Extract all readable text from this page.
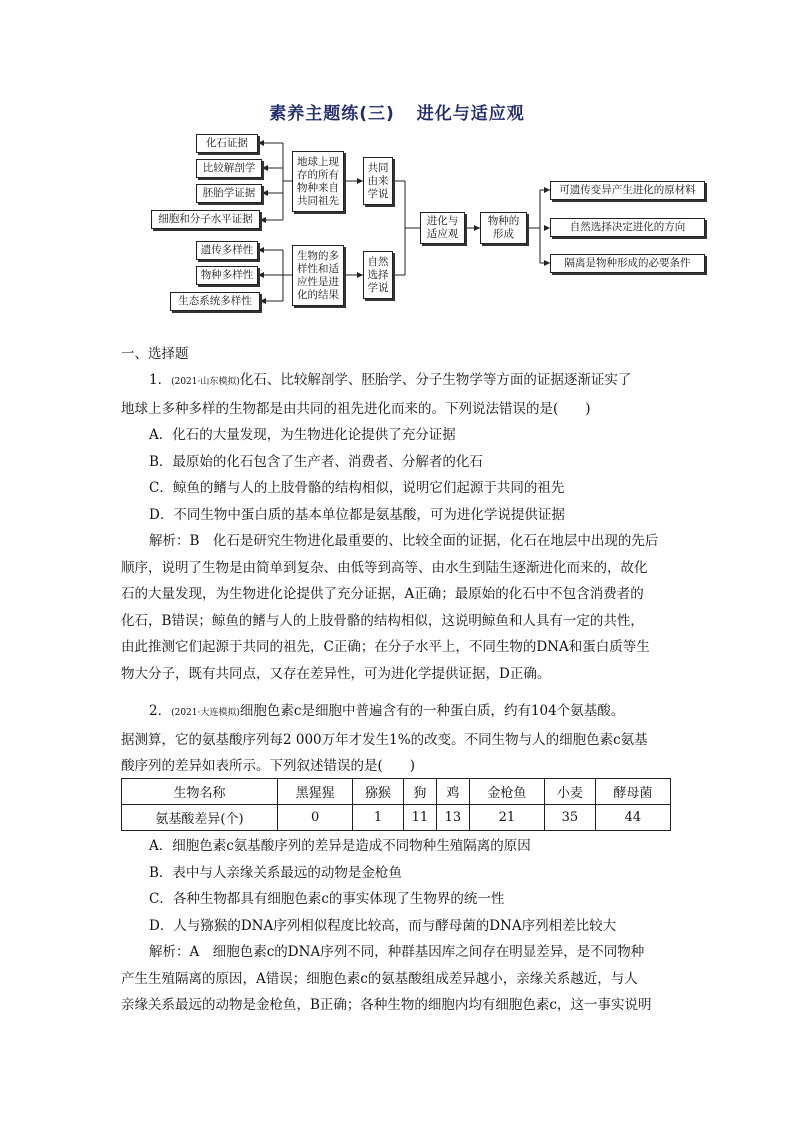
素养主题练(三) 进化与适应观
化石证据
比较解剖学
胚胎学证据
细胞和分子水平证据
遗传多样性
物种多样性
生态系统多样性
地球上现存的所有物种来自共同祖先
生物的多样性和适应性是进化的结果
共同由来学说
自然选择学说
进化与适应观
物种的形成
可遗传变异产生进化的原材料
自然选择决定进化的方向
隔离是物种形成的必要条件

一、选择题

1．(2021·山东模拟)化石、比较解剖学、胚胎学、分子生物学等方面的证据逐渐证实了

地球上多种多样的生物都是由共同的祖先进化而来的。下列说法错误的是(　　)

A．化石的大量发现，为生物进化论提供了充分证据

B．最原始的化石包含了生产者、消费者、分解者的化石

C．鲸鱼的鳍与人的上肢骨骼的结构相似，说明它们起源于共同的祖先

D．不同生物中蛋白质的基本单位都是氨基酸，可为进化学说提供证据

解析：B　化石是研究生物进化最重要的、比较全面的证据，化石在地层中出现的先后

顺序，说明了生物是由简单到复杂、由低等到高等、由水生到陆生逐渐进化而来的，故化

石的大量发现，为生物进化论提供了充分证据，A正确；最原始的化石中不包含消费者的

化石，B错误；鲸鱼的鳍与人的上肢骨骼的结构相似，这说明鲸鱼和人具有一定的共性，

由此推测它们起源于共同的祖先，C正确；在分子水平上，不同生物的DNA和蛋白质等生

物大分子，既有共同点，又存在差异性，可为进化学提供证据，D正确。

2．(2021·大连模拟)细胞色素c是细胞中普遍含有的一种蛋白质，约有104个氨基酸。

据测算，它的氨基酸序列每2 000万年才发生1%的改变。不同生物与人的细胞色素c氨基

酸序列的差异如表所示。下列叙述错误的是(　　)

生物名称	黑猩猩	猕猴	狗	鸡	金枪鱼	小麦	酵母菌
氨基酸差异(个)	0	1	11	13	21	35	44

A．细胞色素c氨基酸序列的差异是造成不同物种生殖隔离的原因

B．表中与人亲缘关系最远的动物是金枪鱼

C．各种生物都具有细胞色素c的事实体现了生物界的统一性

D．人与猕猴的DNA序列相似程度比较高，而与酵母菌的DNA序列相差比较大

解析：A　细胞色素c的DNA序列不同，种群基因库之间存在明显差异，是不同物种

产生生殖隔离的原因，A错误；细胞色素c的氨基酸组成差异越小，亲缘关系越近，与人

亲缘关系最远的动物是金枪鱼，B正确；各种生物的细胞内均有细胞色素c，这一事实说明
